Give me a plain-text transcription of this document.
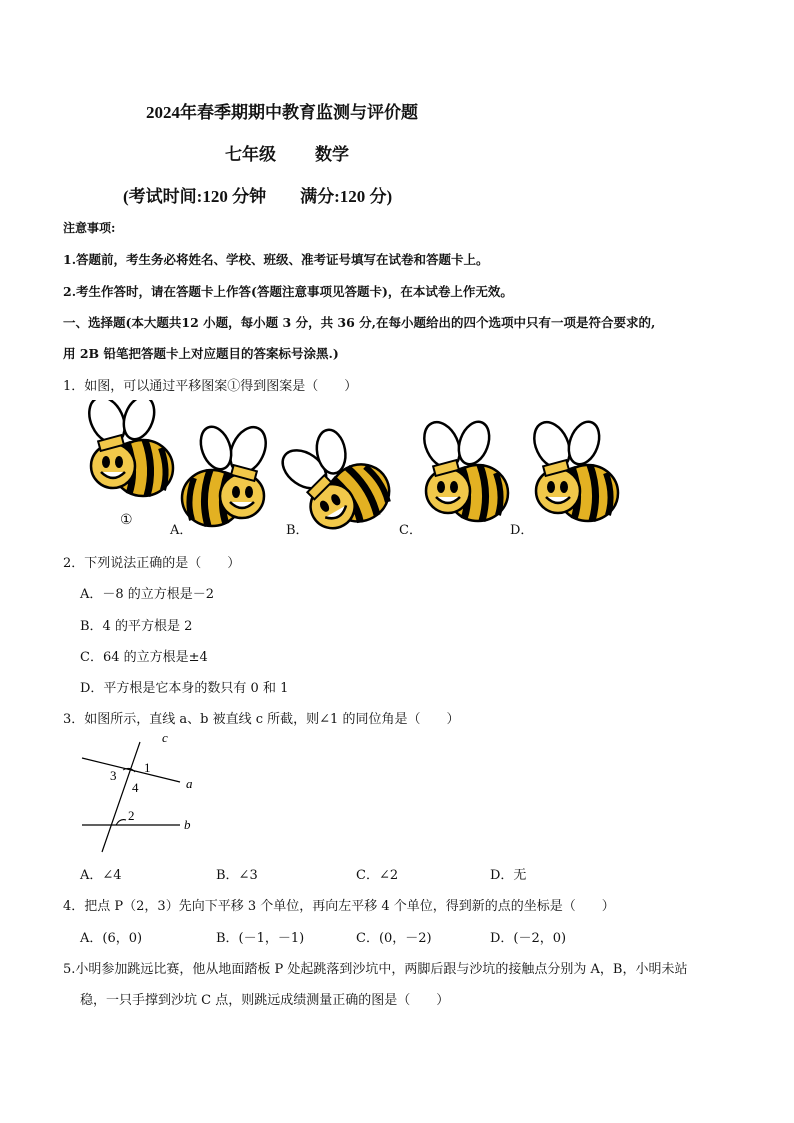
2024年春季期期中教育监测与评价题
七年级 数学
(考试时间:120 分钟　　满分:120 分)
注意事项:
1.答题前，考生务必将姓名、学校、班级、准考证号填写在试卷和答题卡上。
2.考生作答时，请在答题卡上作答(答题注意事项见答题卡)，在本试卷上作无效。
一、选择题(本大题共12 小题，每小题 3 分，共 36 分,在每小题给出的四个选项中只有一项是符合要求的,
用 2B 铅笔把答题卡上对应题目的答案标号涂黑.)
1．如图，可以通过平移图案①得到图案是（　　）
①
A．	B．	C．	D．
2．下列说法正确的是（　　）
A．－8 的立方根是－2
B．4 的平方根是 2
C．64 的立方根是±4
D．平方根是它本身的数只有 0 和 1
3．如图所示，直线 a、b 被直线 c 所截，则∠1 的同位角是（　　）
c
a
b
1
2
3
4
A．∠4	B．∠3	C．∠2	D．无
4．把点 P（2，3）先向下平移 3 个单位，再向左平移 4 个单位，得到新的点的坐标是（　　）
A．(6，0)	B．(－1，－1)	C．(0，－2)	D．(－2，0)
5.小明参加跳远比赛，他从地面踏板 P 处起跳落到沙坑中，两脚后跟与沙坑的接触点分别为 A，B，小明未站
稳，一只手撑到沙坑 C 点，则跳远成绩测量正确的图是（　　）
